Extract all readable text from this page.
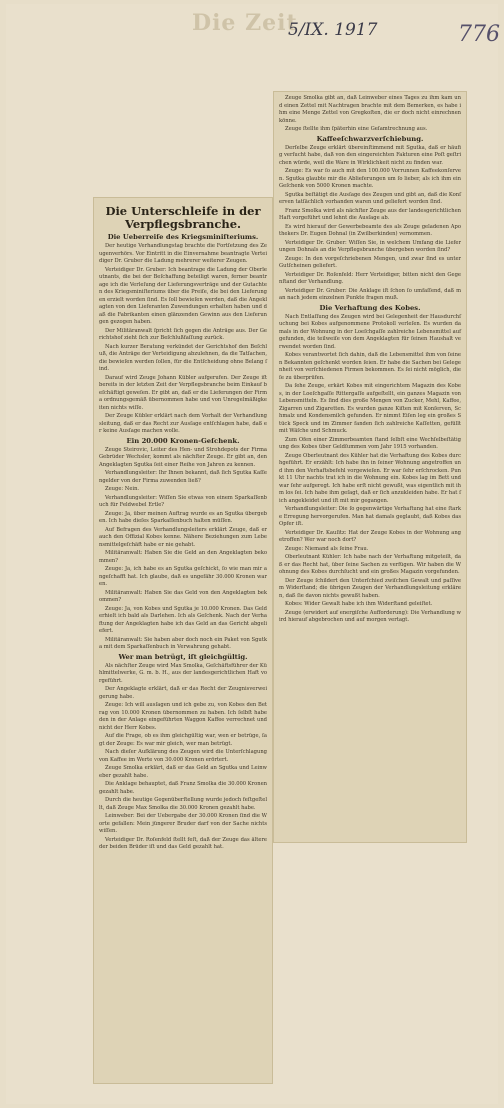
Die Zeit
5/IX. 1917	776
Die Unterschleife in der Verpflegsbranche.
Die Ueberreiſe des Kriegsminiſteriums.

Der heutige Verhandlungstag brachte die Fortſetzung des Zeugenverhörs. Vor Eintritt in die Einvernahme beantragte Verteidiger Dr. Gruber die Ladung mehrerer weiterer Zeugen.

Verteidiger Dr. Gruber: Ich beantrage die Ladung der Oberleutnants, die bei der Beſchaffung beteiligt waren, ferner beantrage ich die Verleſung der Lieferungsverträge und der Gutachten des Kriegsminiſteriums über die Preiſe, die bei den Lieferungen erzielt worden ſind. Es ſoll bewieſen werden, daß die Angeklagten von den Lieferanten Zuwendungen erhalten haben und daß die Fabrikanten einen glänzenden Gewinn aus den Lieferungen gezogen haben.

Der Militäranwalt ſpricht ſich gegen die Anträge aus. Der Gerichtshof zieht ſich zur Beſchlußfaſſung zurück.

Nach kurzer Beratung verkündet der Gerichtshof den Beſchluß, die Anträge der Verteidigung abzulehnen, da die Tatſachen, die bewieſen werden ſollen, für die Entſcheidung ohne Belang ſind.

Darauf wird Zeuge Johann Kübler aufgerufen. Der Zeuge iſt bereits in der letzten Zeit der Verpflegsbranche beim Einkauf beſchäftigt geweſen. Er gibt an, daß er die Lieferungen der Firma ordnungsgemäß übernommen habe und von Unregelmäßigkeiten nichts wiſſe.

Der Zeuge Kübler erklärt nach dem Vorhalt der Verhandlungsleitung, daß er das Recht zur Ausſage entſchlagen habe, daß er keine Ausſage machen wolle.

Ein 20.000 Kronen-Geſchenk.

Zeuge Steirovic, Leiter des Hen- und Strohdepots der Firma Gebrüder Wechsler, kommt als nächſter Zeuge. Er gibt an, den Angeklagten Sgutka ſeit einer Reihe von Jahren zu kennen.

Verhandlungsleiter: Ihr Ihnen bekannt, daß ſich Sgutka Kaſſengelder von der Firma zuwenden ließ?

Zeuge: Nein.

Verhandlungsleiter: Wiſſen Sie etwas von einem Sparkaſſenbuch für Feldwebel Ertle?

Zeuge: Ja, über meinen Auftrag wurde es an Sgutka übergeben. Ich habe dieſes Sparkaſſenbuch halten müſſen.

Auf Befragen des Verhandlungsleiters erklärt Zeuge, daß er auch den Offizial Kobes kenne. Nähere Beziehungen zum Lebensmittelgeſchäft habe er nie gehabt.

Militäranwalt: Haben Sie die Geld an den Angeklagten bekommen?

Zeuge: Ja, ich habe es an Sgutka geſchickt, ſo wie man mir angeſchafft hat. Ich glaube, daß es ungefähr 30.000 Kronen waren.

Militäranwalt: Haben Sie das Geld von den Angeklagten bekommen?

Zeuge: Ja, von Kobes und Sgutka je 10.000 Kronen. Das Geld erhielt ich bald als Darlehen. Ich als Geſchenk. Nach der Verhaftung der Angeklagten habe ich das Geld an das Gericht abgeliefert.

Militäranwalt: Sie haben aber doch noch ein Paket von Sgutka mit dem Sparkaſſenbuch in Verwahrung gehabt.

Wer man betrügt, iſt gleichgültig.

Als nächſter Zeuge wird Max Smolka, Geſchäftsführer der Kühlmittelwerke, G. m. b. H., aus der landesgerichtlichen Haft vorgeführt.

Der Angeklagte erklärt, daß er das Recht der Zeugnisverweigerung habe.

Zeuge: Ich will ausſagen und ich gebe zu, von Kobes den Betrag von 10.000 Kronen übernommen zu haben. Ich ſelbſt habe den in der Anlage eingeführten Waggon Kaffee verrechnet und nicht der Herr Kobes.

Auf die Frage, ob es ihm gleichgültig war, wen er betrüge, ſagt der Zeuge: Es war mir gleich, wer man betrügt.

Nach dieſer Aufklärung des Zeugen wird die Unterſchlagung von Kaffee im Werte von 30.000 Kronen erörtert.

Zeuge Smolka erklärt, daß er das Geld an Sgutka und Leinweber gezahlt habe.

Die Anklage behauptet, daß Franz Smolka die 30.000 Kronen gezahlt habe.

Durch die heutige Gegenüberſtellung wurde jedoch feſtgeſtellt, daß Zeuge Max Smolka die 30.000 Kronen gezahlt habe.

Leinweber: Bei der Uebergabe der 30.000 Kronen ſind die Worte gefallen: Mein jüngerer Bruder darf von der Sache nichts wiſſen.

Verteidiger Dr. Roſenfeld ſtellt feſt, daß der Zeuge das ältere der beiden Brüder iſt und das Geld gezahlt hat.

Zeuge Smolka gibt an, daß Leinweber eines Tages zu ihm kam und einen Zettel mit Nachtragen brachte mit dem Bemerken, es habe ihm eine Menge Zettel von Gregkoſten, die er doch nicht einrechnen könne.

Zeuge ſtellte ihm ſpäterhin eine Geſamtrechnung aus.

Kaffeeſchwarzverſchiebung.

Derſelbe Zeuge erklärt übereinſtimmend mit Sgutka, daß er häufig verſucht habe, daß von den eingereichten Fakturen eine Poſt geſtrichen würde, weil die Ware in Wirklichkeit nicht zu finden war.

Zeuge: Es war ſo auch mit den 100.000 Vorrunnen Kaffeekonſerven. Sgutka glaubte mir die Ablieferungen um ſo lieber, als ich ihm ein Geſchenk von 5000 Kronen machte.

Sgutka beſtätigt die Ausſage des Zeugen und gibt an, daß die Konſerven tatſächlich vorhanden waren und geliefert worden ſind.

Franz Smolka wird als nächſter Zeuge aus der landesgerichtlichen Haft vorgeführt und lehnt die Ausſage ab.

Es wird hierauf der Gewerbebeamte des als Zeuge geladenen Apothekers Dr. Eugen Dohnal (in Zwilberkinden) vernommen.

Verteidiger Dr. Gruber: Wiſſen Sie, in welchem Umfang die Lieferungen Dohnals an die Verpflegsbranche übergeben worden ſind?

Zeuge: In den vorgeſchriebenen Mengen, und zwar ſind es unter Gutſcheinen geliefert.

Verteidiger Dr. Roſenfeld: Herr Verteidiger, bitten nicht den Gegenſtand der Verhandlung.

Verteidiger Dr. Gruber: Die Anklage iſt ſchon ſo umfaſſend, daß man nach jedem einzelnen Punkte fragen muß.

Die Verhaftung des Kobes.

Nach Entlaſſung des Zeugen wird bei Gelegenheit der Hausdurchſuchung bei Kobes aufgenommene Protokoll verleſen. Es wurden damals in der Wohnung in der Loeſchgaſſe zahlreiche Lebensmittel aufgefunden, die teilweiſe von dem Angeklagten für ſeinen Haushalt verwendet worden ſind.

Kobes verantwortet ſich dahin, daß die Lebensmittel ihm von ſeinen Bekannten geſchenkt worden ſeien. Er habe die Sachen bei Gelegenheit von verſchiedenen Firmen bekommen. Es ſei nicht möglich, dieſe zu überprüfen.

Da ſehe Zeuge, erkärt Kobes mit eingerichtem Magazin des Kobes, in der Loeſchgaſſe Rittergaſſe aufgeſtellt, ein ganzes Magazin von Lebensmitteln. Es ſind dies große Mengen von Zucker, Mehl, Kaffee, Zigarren und Zigaretten. Es wurden ganze Kiſten mit Konſerven, Schmalz und Kondensmilch gefunden. Er nimmt Eiſen leg ein großes Stück Speck und im Zimmer fanden ſich zahlreiche Kaſſetten, gefüllt mit Wäſche und Schmuck.

Zum Ofen einer Zimmerbeamten ſtand ſelbſt eine Wechſelbeſtätigung des Kobes über Geldſummen vom Jahr 1915 vorhanden.

Zeuge Oberleutnant des Kühler hat die Verhaftung des Kobes durchgeführt. Er erzählt: Ich habe ihn in ſeiner Wohnung angetroffen und ihm den Verhaftsbefehl vorgewieſen. Er war ſehr erſchrocken. Punkt 11 Uhr nachts trat ich in die Wohnung ein. Kobes lag im Bett und war ſehr aufgeregt. Ich habe erſt nicht gewußt, was eigentlich mit ihm los ſei. Ich habe ihm geſagt, daß er ſich anzukleiden habe. Er hat ſich angekleidet und iſt mit mir gegangen.

Verhandlungsleiter: Die ſo gegenwärtige Verhaftung hat eine ſtarke Erregung hervorgerufen. Man hat damals geglaubt, daß Kobes das Opfer iſt.

Verteidiger Dr. Kauſitz: Hat der Zeuge Kobes in der Wohnung angetroffen? Wer war noch dort?

Zeuge: Niemand als ſeine Frau.

Oberleutnant Kühler: Ich habe nach der Verhaftung mitgeteilt, daß er das Recht hat, über ſeine Sachen zu verfügen. Wir haben die Wohnung des Kobes durchſucht und ein großes Magazin vorgefunden.

Der Zeuge ſchildert den Unterſchied zwiſchen Gewalt und paſſivem Widerſtand; die übrigen Zeugen der Verhandlungsleitung erklären, daß ſie davon nichts gewußt haben.

Kobes: Wider Gewalt habe ich ihm Widerſtand geleiſtet.

Zeuge (erwidert auf energiſche Aufforderung): Die Verhandlung wird hierauf abgebrochen und auf morgen vertagt.
